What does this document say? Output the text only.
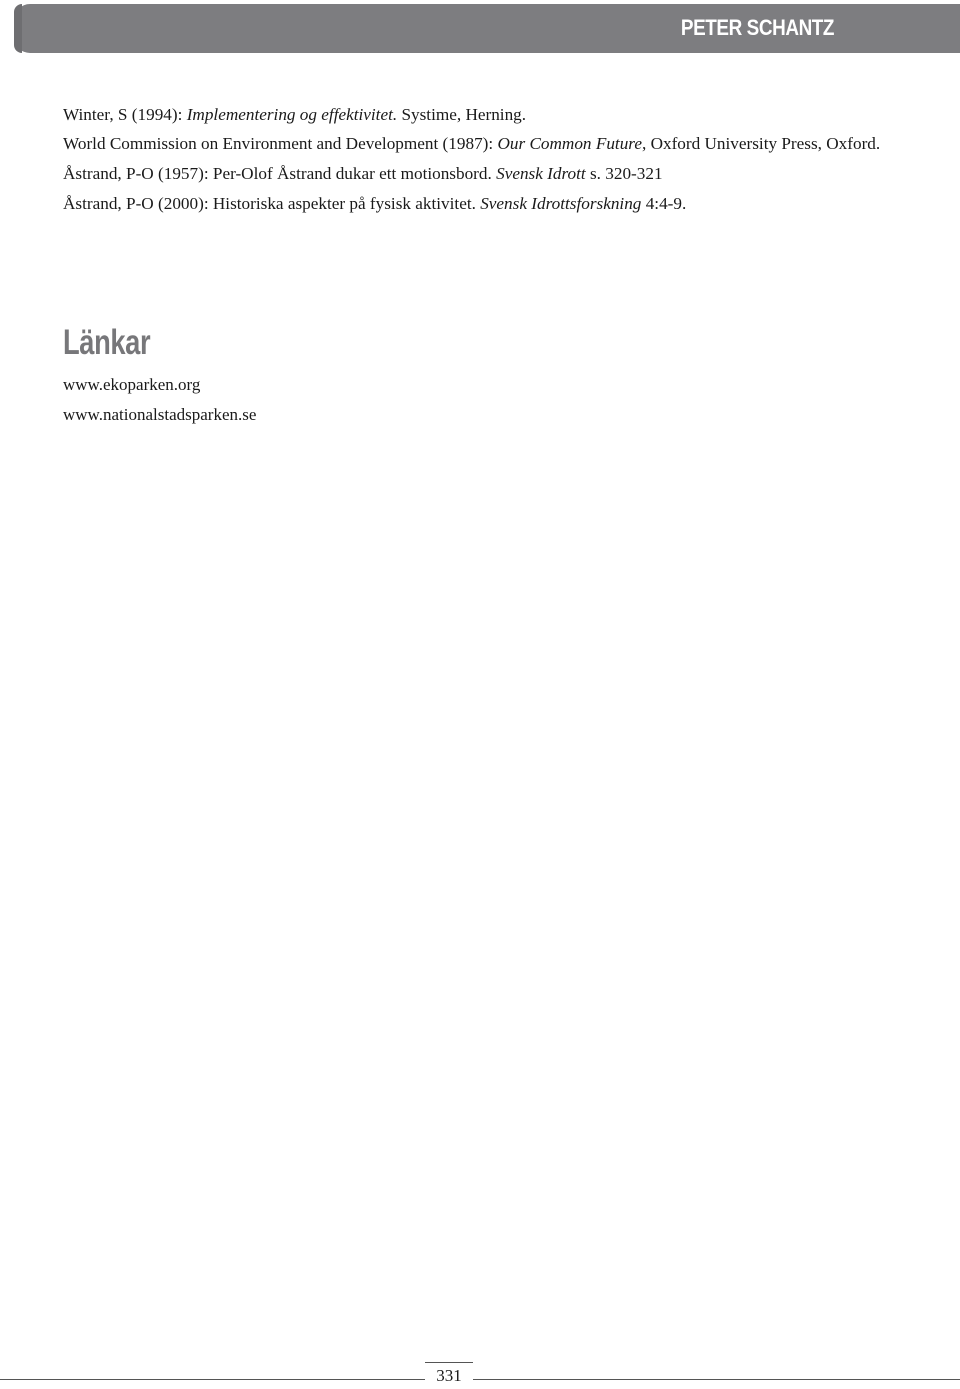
PETER SCHANTZ

Winter, S (1994): Implementering og effektivitet. Systime, Herning.

World Commission on Environment and Development (1987): Our Common Future, Oxford University Press, Oxford.

Åstrand, P-O (1957): Per-Olof Åstrand dukar ett motionsbord. Svensk Idrott s. 320-321

Åstrand, P-O (2000): Historiska aspekter på fysisk aktivitet. Svensk Idrottsforskning 4:4-9.

Länkar
www.ekoparken.org
www.nationalstadsparken.se
331
